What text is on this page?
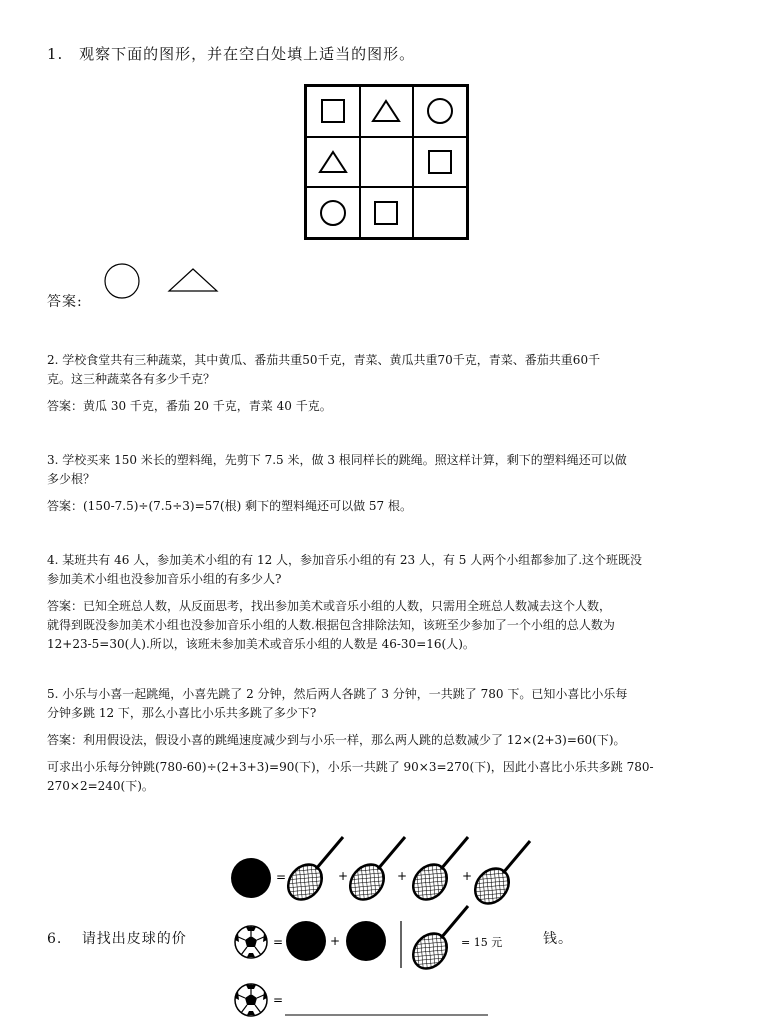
1. 观察下面的图形，并在空白处填上适当的图形。
答案:
2. 学校食堂共有三种蔬菜，其中黄瓜、番茄共重50千克，青菜、黄瓜共重70千克，青菜、番茄共重60千
克。这三种蔬菜各有多少千克？
答案：黄瓜 30 千克，番茄 20 千克，青菜 40 千克。
3. 学校买来 150 米长的塑料绳，先剪下 7.5 米，做 3 根同样长的跳绳。照这样计算，剩下的塑料绳还可以做
多少根？
答案：(150-7.5)÷(7.5÷3)=57(根) 剩下的塑料绳还可以做 57 根。
4. 某班共有 46 人，参加美术小组的有 12 人，参加音乐小组的有 23 人，有 5 人两个小组都参加了.这个班既没
参加美术小组也没参加音乐小组的有多少人?
答案：已知全班总人数，从反面思考，找出参加美术或音乐小组的人数，只需用全班总人数减去这个人数，
就得到既没参加美术小组也没参加音乐小组的人数.根据包含排除法知，该班至少参加了一个小组的总人数为
12+23-5=30(人).所以，该班未参加美术或音乐小组的人数是 46-30=16(人)。
5. 小乐与小喜一起跳绳，小喜先跳了 2 分钟，然后两人各跳了 3 分钟，一共跳了 780 下。已知小喜比小乐每
分钟多跳 12 下，那么小喜比小乐共多跳了多少下?
答案：利用假设法，假设小喜的跳绳速度减少到与小乐一样，那么两人跳的总数减少了 12×(2+3)=60(下)。
可求出小乐每分钟跳(780-60)÷(2+3+3)=90(下)，小乐一共跳了 90×3=270(下)，因此小喜比小乐共多跳 780-
270×2=240(下)。
6. 请找出皮球的价	钱。
=	+	+	+
=	+	= 15 元
=
